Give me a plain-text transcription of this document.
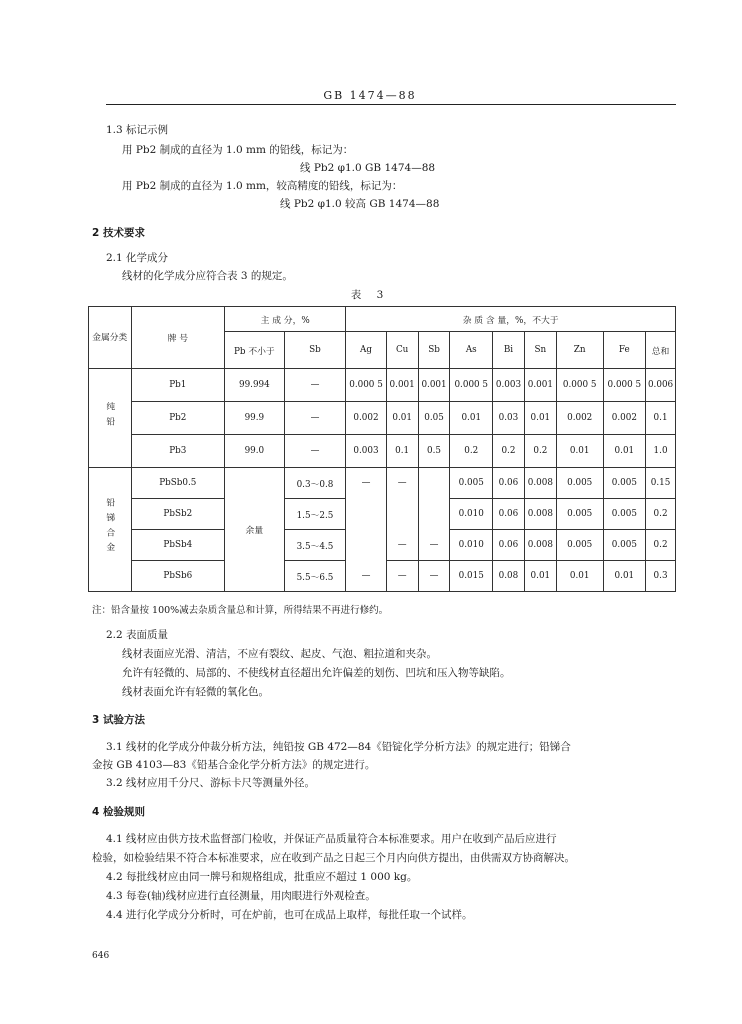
GB 1474—88
1.3 标记示例
用 Pb2 制成的直径为 1.0 mm 的铅线，标记为：
线 Pb2 φ1.0 GB 1474—88
用 Pb2 制成的直径为 1.0 mm，较高精度的铅线，标记为：
线 Pb2 φ1.0 较高 GB 1474—88
2 技术要求
2.1 化学成分
线材的化学成分应符合表 3 的规定。
表 3
金属分类	牌 号	主 成 分，%		杂 质 含 量，%，不大于								
		Pb 不小于	Sb	Ag	Cu	Sb	As	Bi	Sn	Zn	Fe	总和
纯铅	Pb1	99.994	—	0.000 5	0.001	0.001	0.000 5	0.003	0.001	0.000 5	0.000 5	0.006
	Pb2	99.9	—	0.002	0.01	0.05	0.01	0.03	0.01	0.002	0.002	0.1
	Pb3	99.0	—	0.003	0.1	0.5	0.2	0.2	0.2	0.01	0.01	1.0
铅锑合金	PbSb0.5	余量	0.3～0.8	—	—		0.005	0.06	0.008	0.005	0.005	0.15
	PbSb2		1.5～2.5				0.010	0.06	0.008	0.005	0.005	0.2
	PbSb4		3.5～4.5		—	—	0.010	0.06	0.008	0.005	0.005	0.2
	PbSb6		5.5～6.5	—	—	—	0.015	0.08	0.01	0.01	0.01	0.3
注：铅含量按 100%减去杂质含量总和计算，所得结果不再进行修约。
2.2 表面质量
线材表面应光滑、清洁，不应有裂纹、起皮、气泡、粗拉道和夹杂。
允许有轻微的、局部的、不使线材直径超出允许偏差的划伤、凹坑和压入物等缺陷。
线材表面允许有轻微的氧化色。
3 试验方法
3.1 线材的化学成分仲裁分析方法，纯铅按 GB 472—84《铅锭化学分析方法》的规定进行；铅锑合
金按 GB 4103—83《铅基合金化学分析方法》的规定进行。
3.2 线材应用千分尺、游标卡尺等测量外径。
4 检验规则
4.1 线材应由供方技术监督部门检收，并保证产品质量符合本标准要求。用户在收到产品后应进行
检验，如检验结果不符合本标准要求，应在收到产品之日起三个月内向供方提出，由供需双方协商解决。
4.2 每批线材应由同一牌号和规格组成，批重应不超过 1 000 kg。
4.3 每卷(轴)线材应进行直径测量，用肉眼进行外观检查。
4.4 进行化学成分分析时，可在炉前，也可在成品上取样，每批任取一个试样。
646
